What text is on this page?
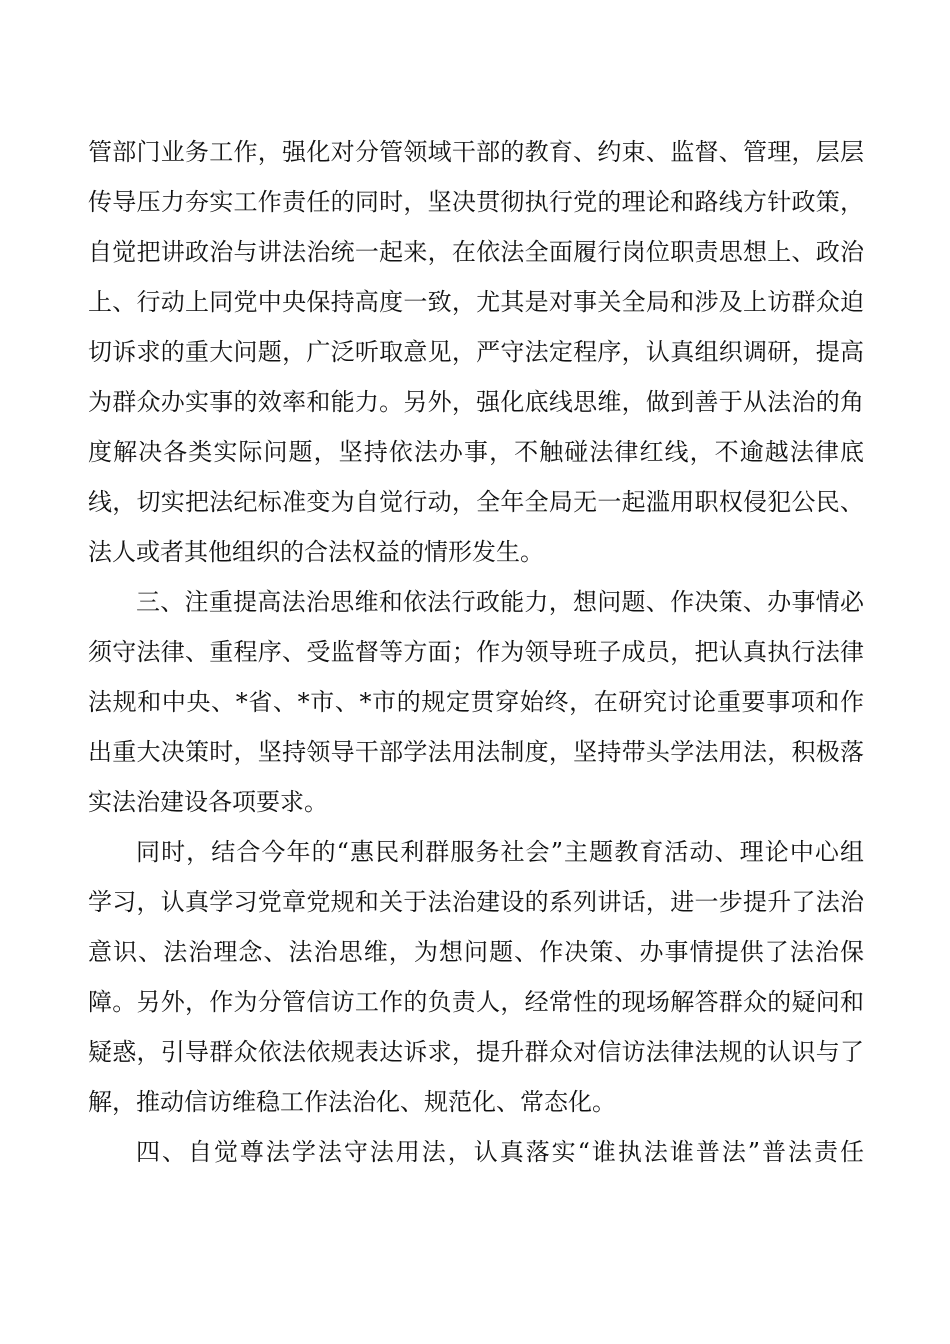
管部门业务工作，强化对分管领域干部的教育、约束、监督、管理，层层
传导压力夯实工作责任的同时，坚决贯彻执行党的理论和路线方针政策，
自觉把讲政治与讲法治统一起来，在依法全面履行岗位职责思想上、政治
上、行动上同党中央保持高度一致，尤其是对事关全局和涉及上访群众迫
切诉求的重大问题，广泛听取意见，严守法定程序，认真组织调研，提高
为群众办实事的效率和能力。另外，强化底线思维，做到善于从法治的角
度解决各类实际问题，坚持依法办事，不触碰法律红线，不逾越法律底
线，切实把法纪标准变为自觉行动，全年全局无一起滥用职权侵犯公民、
法人或者其他组织的合法权益的情形发生。
三、注重提高法治思维和依法行政能力，想问题、作决策、办事情必
须守法律、重程序、受监督等方面；作为领导班子成员，把认真执行法律
法规和中央、*省、*市、*市的规定贯穿始终，在研究讨论重要事项和作
出重大决策时，坚持领导干部学法用法制度，坚持带头学法用法，积极落
实法治建设各项要求。
同时，结合今年的“惠民利群服务社会”主题教育活动、理论中心组
学习，认真学习党章党规和关于法治建设的系列讲话，进一步提升了法治
意识、法治理念、法治思维，为想问题、作决策、办事情提供了法治保
障。另外，作为分管信访工作的负责人，经常性的现场解答群众的疑问和
疑惑，引导群众依法依规表达诉求，提升群众对信访法律法规的认识与了
解，推动信访维稳工作法治化、规范化、常态化。
四、自觉尊法学法守法用法，认真落实“谁执法谁普法”普法责任
